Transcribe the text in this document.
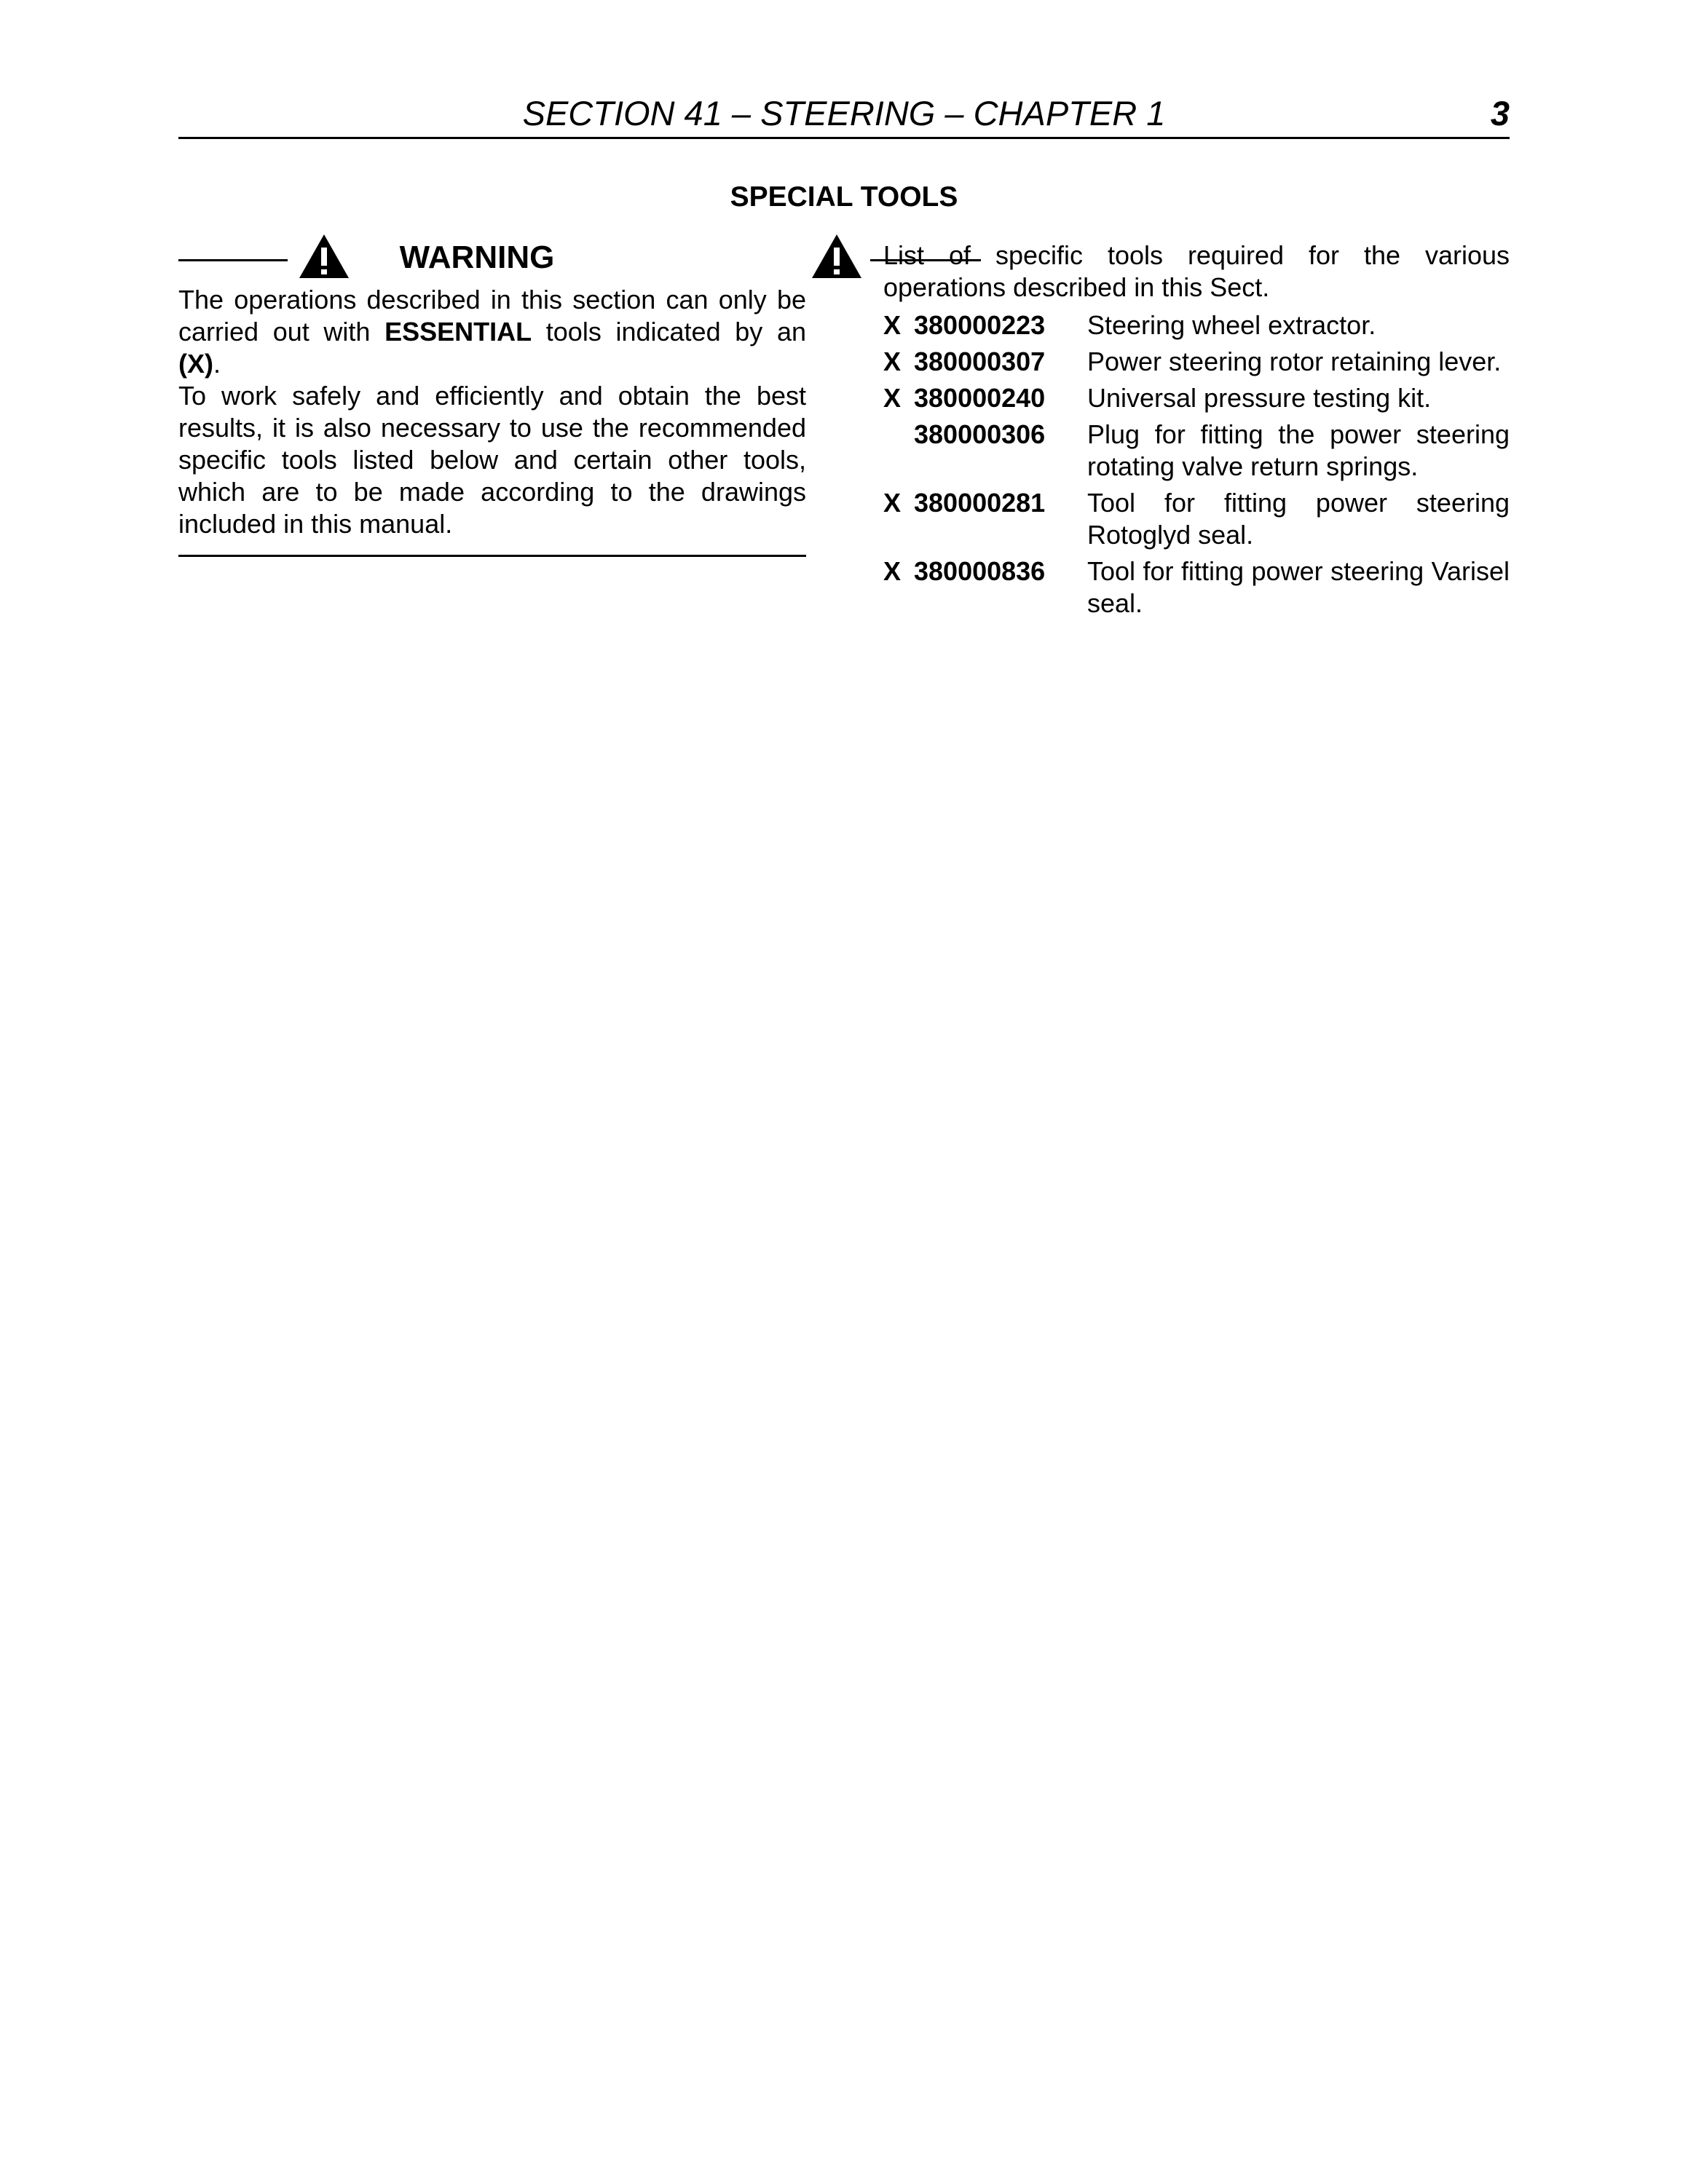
SECTION 41 – STEERING – CHAPTER 1	3
SPECIAL TOOLS
WARNING

The operations described in this section can only be carried out with ESSENTIAL tools indicated by an (X).

To work safely and efficiently and obtain the best results, it is also necessary to use the recommended specific tools listed below and certain other tools, which are to be made according to the drawings included in this manual.

List of specific tools required for the various operations described in this Sect.

X 380000223	Steering wheel extractor.
X 380000307	Power steering rotor retaining lever.
X 380000240	Universal pressure testing kit.
380000306	Plug for fitting the power steering rotating valve return springs.
X 380000281	Tool for fitting power steering Rotoglyd seal.
X 380000836	Tool for fitting power steering Varisel seal.
